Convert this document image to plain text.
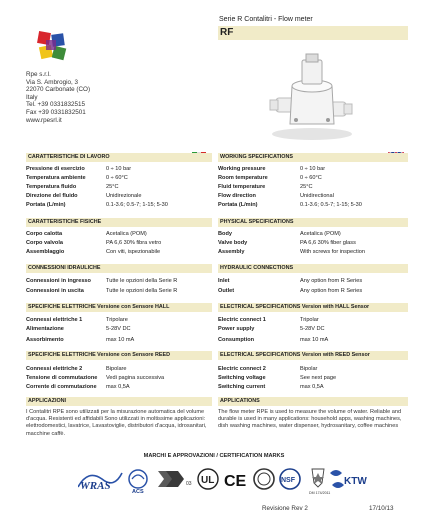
Rpe s.r.l.
Via S. Ambrogio, 3
22070 Carbonate (CO)
Italy
Tel. +39 0331832515
Fax +39 0331832501
www.rpesrl.it
Serie R Contalitri - Flow meter
RF
CARATTERISTICHE DI LAVORO	WORKING SPECIFICATIONS
Pressione di esercizio	0 ÷ 10 bar
Temperatura ambiente	0 ÷ 60°C
Temperatura fluido	25°C
Direzione del fluido	Unidirezionale
Portata (L/min)	0.1-3.6; 0.5-7; 1-15; 5-30
Working pressure	0 ÷ 10 bar
Room temperature	0 ÷ 60°C
Fluid temperature	25°C
Flow direction	Unidirectional
Portata (L/min)	0.1-3.6; 0.5-7; 1-15; 5-30
CARATTERISTICHE FISICHE	PHYSICAL SPECIFICATIONS
Corpo calotta	Acetalica (POM)
Corpo valvola	PA 6,6 30% fibra vetro
Assemblaggio	Con viti, ispezionabile
Body	Acetalica (POM)
Valve body	PA 6,6 30% fiber glass
Assembly	With screws for inspection
CONNESSIONI IDRAULICHE	HYDRAULIC CONNECTIONS
Connessioni in ingresso	Tutte le opzioni della Serie R
Connessioni in uscita	Tutte le opzioni della Serie R
Inlet	Any option from R Series
Outlet	Any option from R Series
SPECIFICHE ELETTRICHE Versione con Sensore HALL	ELECTRICAL SPECIFICATIONS Version with HALL Sensor
Connessi elettriche 1	Tripolare
Alimentazione	5-28V DC
Assorbimento	max 10 mA
Electric connect 1	Tripolar
Power supply	5-28V DC
Consumption	max 10 mA
SPECIFICHE ELETTRICHE Versione con Sensore REED	ELECTRICAL SPECIFICATIONS Version with REED Sensor
Connessi elettriche 2	Bipolare
Tensione di commutazione Vedi pagina successiva
Corrente di commutazione max 0,5A
Electric connect 2	Bipolar
Switching voltage	See next page
Switching current	max 0,5A
APPLICAZIONI	APPLICATIONS
I Contalitri RPE sono utilizzati per la misurazione automatica del volume d'acqua. Resistenti ed affidabili Sono utilizzati in moltissime applicazioni: elettrodomestici, lavatrice, Lavastoviglie, distributori d'acqua, idrosanitari, macchine caffè.
The flow meter RPE is used to measure the volume of water. Reliable and durable is used in many applications: household apps, washing machines, dish washing machines, water dispenser, hydrosanitary, coffee machines
MARCHI E APPROVAZIONI / CERTIFICATION MARKS
WRAS	ACS
03 UL CE	NSF
DM 174/2011
KTW
Revisione Rev 2	17/10/13
